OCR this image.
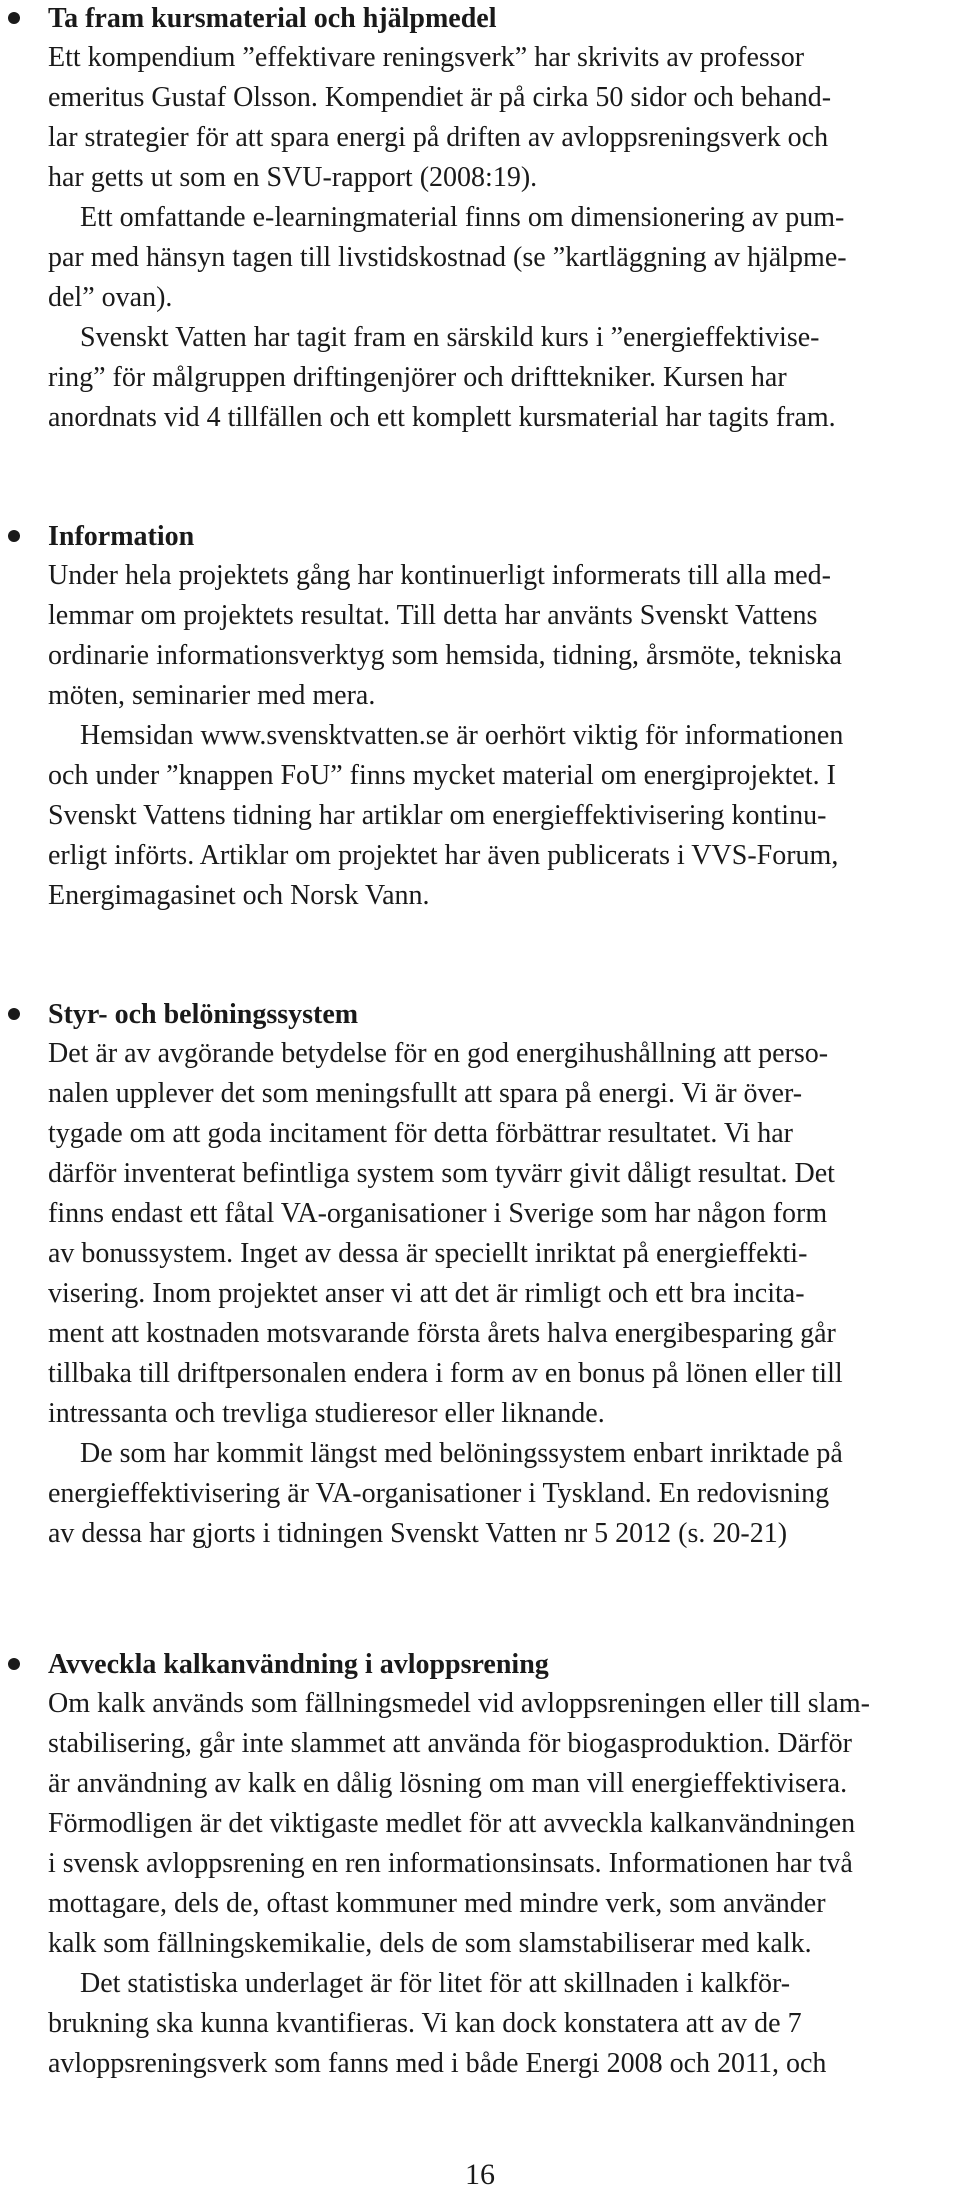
Ta fram kursmaterial och hjälpmedel
Ett kompendium ”effektivare reningsverk” har skrivits av professor
emeritus Gustaf Olsson. Kompendiet är på cirka 50 sidor och behand-
lar strategier för att spara energi på driften av avloppsreningsverk och
har getts ut som en SVU-rapport (2008:19).
Ett omfattande e-learningmaterial finns om dimensionering av pum-
par med hänsyn tagen till livstidskostnad (se ”kartläggning av hjälpme-
del” ovan).
Svenskt Vatten har tagit fram en särskild kurs i ”energieffektivise-
ring” för målgruppen driftingenjörer och drifttekniker. Kursen har
anordnats vid 4 tillfällen och ett komplett kursmaterial har tagits fram.
Information
Under hela projektets gång har kontinuerligt informerats till alla med-
lemmar om projektets resultat. Till detta har använts Svenskt Vattens
ordinarie informationsverktyg som hemsida, tidning, årsmöte, tekniska
möten, seminarier med mera.
Hemsidan www.svensktvatten.se är oerhört viktig för informationen
och under ”knappen FoU” finns mycket material om energiprojektet. I
Svenskt Vattens tidning har artiklar om energieffektivisering kontinu-
erligt införts. Artiklar om projektet har även publicerats i VVS-Forum,
Energimagasinet och Norsk Vann.
Styr- och belöningssystem
Det är av avgörande betydelse för en god energihushållning att perso-
nalen upplever det som meningsfullt att spara på energi. Vi är över-
tygade om att goda incitament för detta förbättrar resultatet. Vi har
därför inventerat befintliga system som tyvärr givit dåligt resultat. Det
finns endast ett fåtal VA-organisationer i Sverige som har någon form
av bonussystem. Inget av dessa är speciellt inriktat på energieffekti-
visering. Inom projektet anser vi att det är rimligt och ett bra incita-
ment att kostnaden motsvarande första årets halva energibesparing går
tillbaka till driftpersonalen endera i form av en bonus på lönen eller till
intressanta och trevliga studieresor eller liknande.
De som har kommit längst med belöningssystem enbart inriktade på
energieffektivisering är VA-organisationer i Tyskland. En redovisning
av dessa har gjorts i tidningen Svenskt Vatten nr 5 2012 (s. 20-21)
Avveckla kalkanvändning i avloppsrening
Om kalk används som fällningsmedel vid avloppsreningen eller till slam-
stabilisering, går inte slammet att använda för biogasproduktion. Därför
är användning av kalk en dålig lösning om man vill energieffektivisera.
Förmodligen är det viktigaste medlet för att avveckla kalkanvändningen
i svensk avloppsrening en ren informationsinsats. Informationen har två
mottagare, dels de, oftast kommuner med mindre verk, som använder
kalk som fällningskemikalie, dels de som slamstabiliserar med kalk.
Det statistiska underlaget är för litet för att skillnaden i kalkför-
brukning ska kunna kvantifieras. Vi kan dock konstatera att av de 7
avloppsreningsverk som fanns med i både Energi 2008 och 2011, och
16
